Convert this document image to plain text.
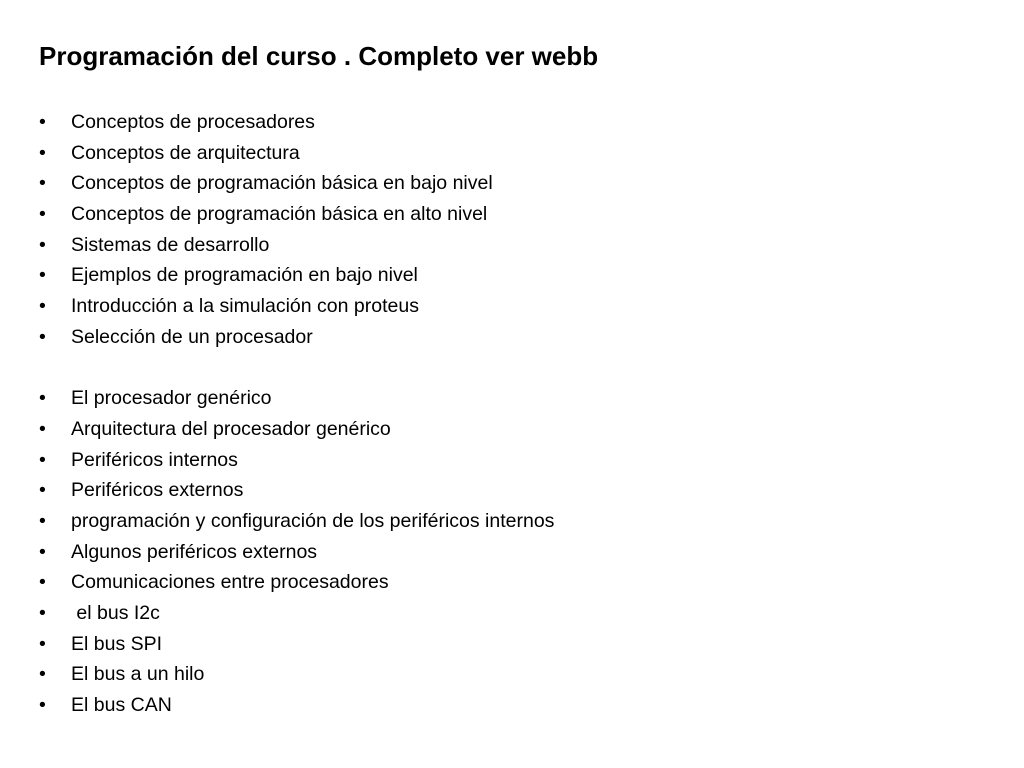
Programación del curso . Completo ver webb
•	Conceptos de procesadores
•	Conceptos de arquitectura
•	Conceptos de programación básica en bajo nivel
•	Conceptos de programación básica en alto nivel
•	Sistemas de desarrollo
•	Ejemplos de programación en bajo nivel
•	Introducción a la simulación con proteus
•	Selección de un procesador
•	El procesador genérico
•	Arquitectura del procesador genérico
•	Periféricos internos
•	Periféricos externos
•	programación y configuración de los periféricos internos
•	Algunos periféricos externos
•	Comunicaciones entre procesadores
•	el bus I2c
•	El bus SPI
•	El bus a un hilo
•	El bus CAN
